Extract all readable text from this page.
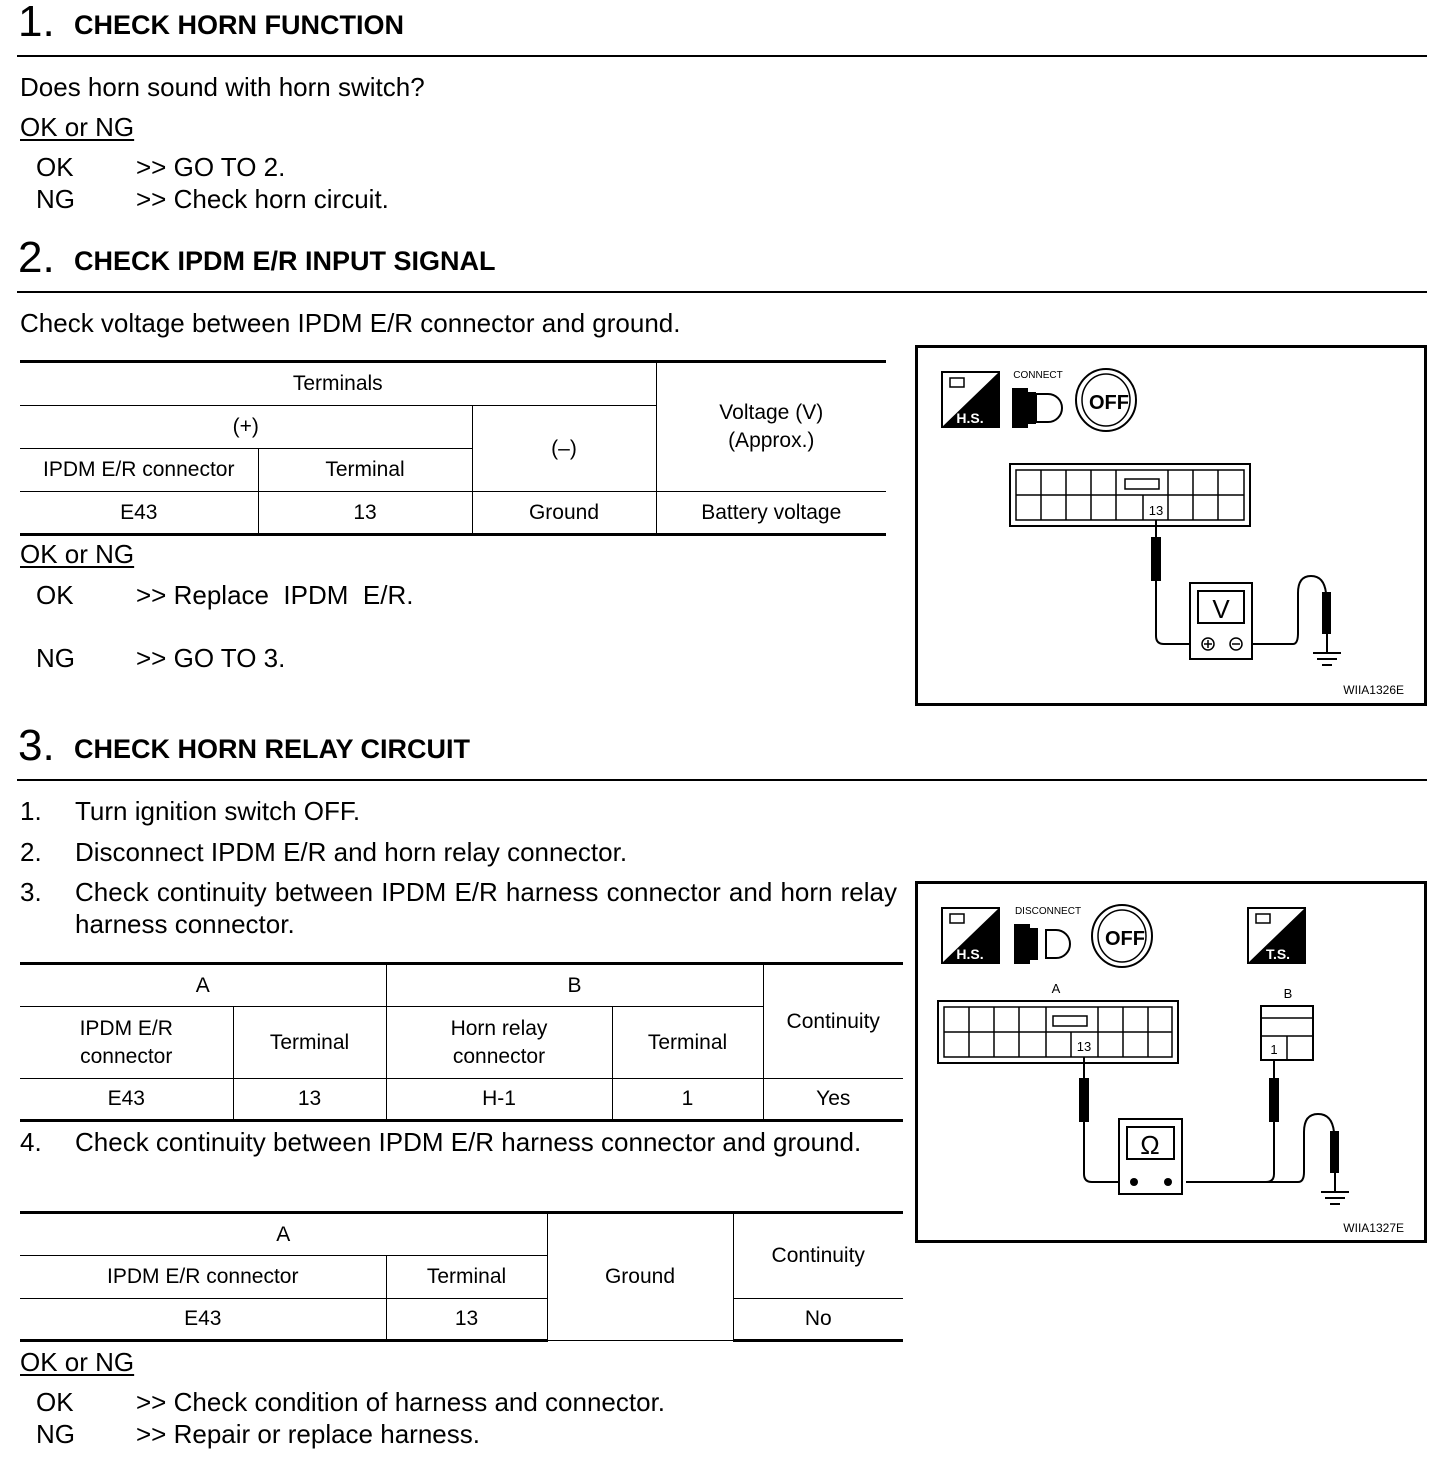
1. CHECK HORN FUNCTION
Does horn sound with horn switch?
OK or NG
OK >> GO TO 2.
NG >> Check horn circuit.
2. CHECK IPDM E/R INPUT SIGNAL
Check voltage between IPDM E/R connector and ground.
Terminals			Voltage (V)
(Approx.)

(+)		(–)	
IPDM E/R connector	Terminal		
E43	13	Ground	Battery voltage
OK or NG
OK >> Replace  IPDM  E/R.
NG >> GO TO 3.
H.S.
CONNECT
OFF
13
V
WIIA1326E
3. CHECK HORN RELAY CIRCUIT
1. Turn ignition switch OFF.
2. Disconnect IPDM E/R and horn relay connector.
3. Check continuity between IPDM E/R harness connector and horn relay harness connector.
A		B		Continuity

IPDM E/R connector	Terminal	Horn relay connector	Terminal	
E43	13	H-1	1	Yes
4. Check continuity between IPDM E/R harness connector and ground.
A		Ground	Continuity
IPDM E/R connector	Terminal		
E43	13		No
OK or NG
OK >> Check condition of harness and connector.
NG >> Repair or replace harness.
H.S.
DISCONNECT
OFF
T.S.
A
13
B
1
Ω
WIIA1327E
